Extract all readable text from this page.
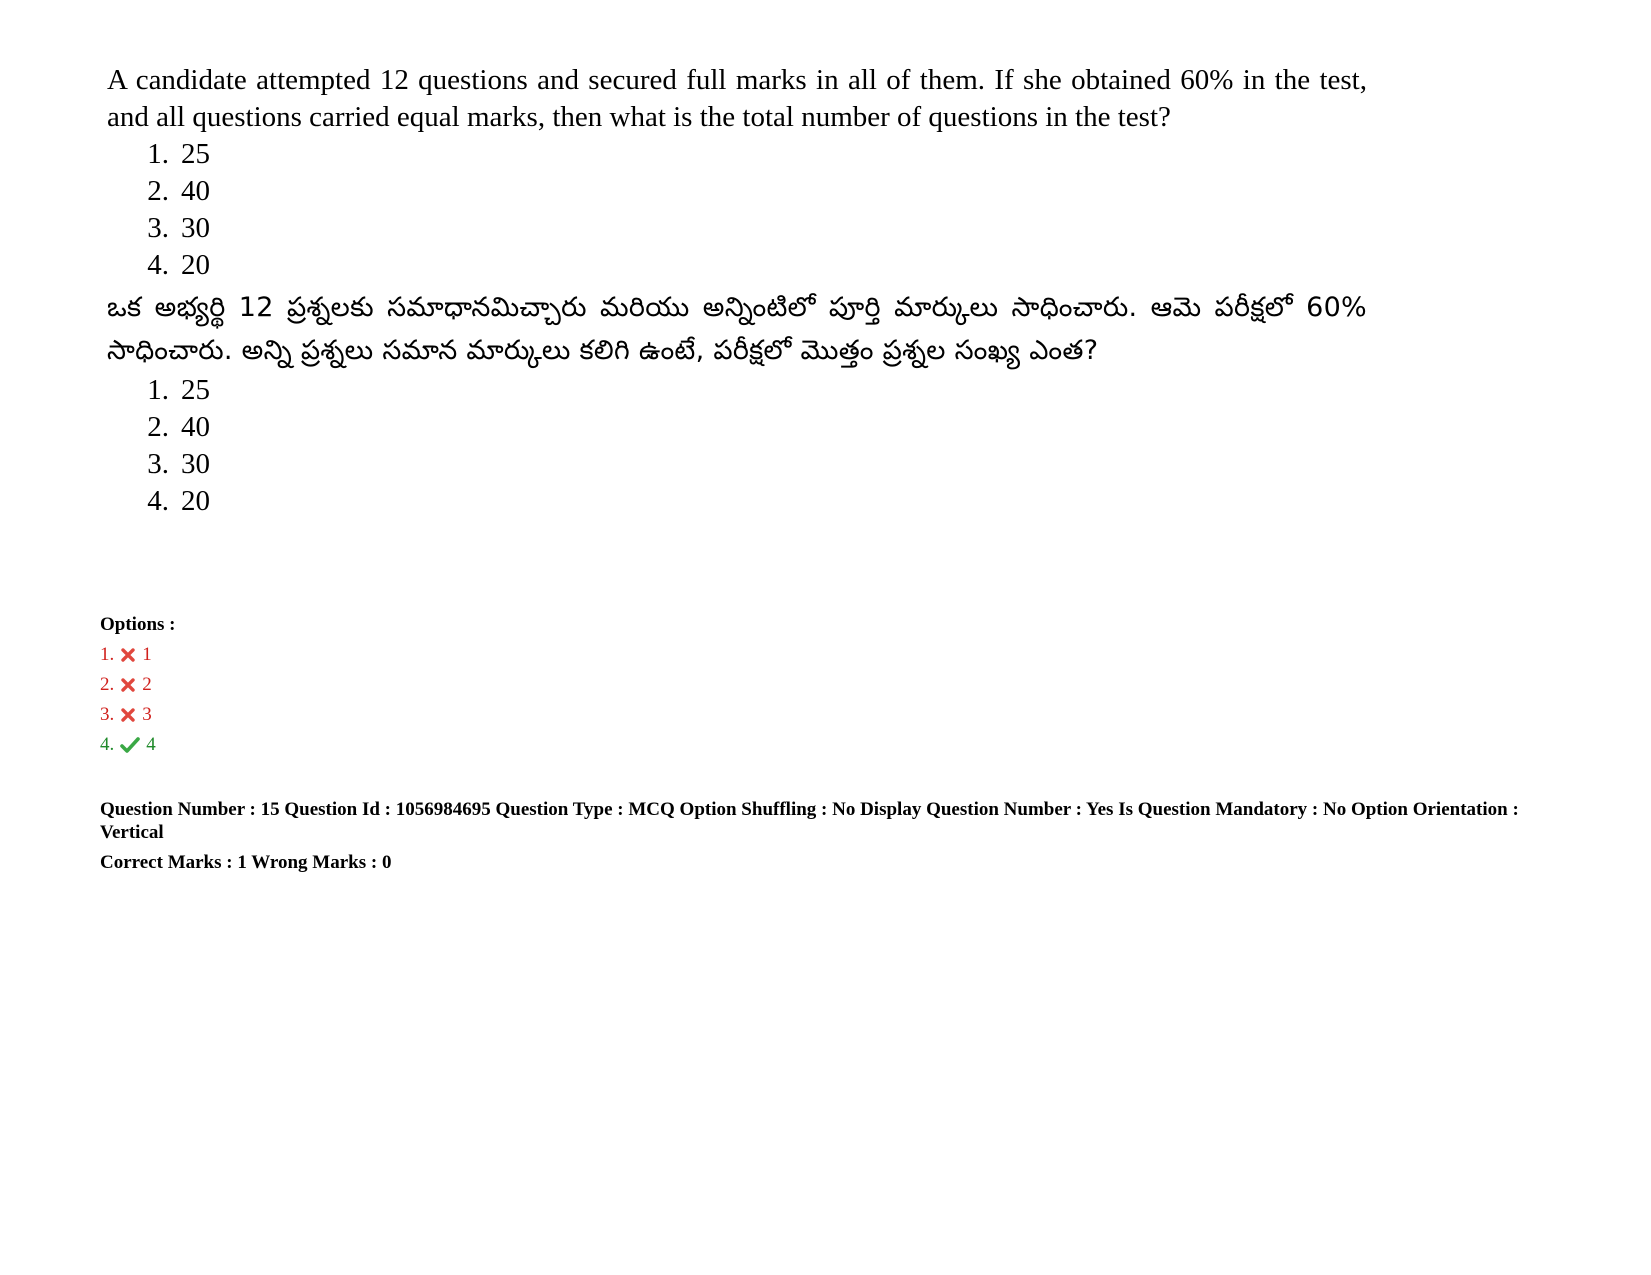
A candidate attempted 12 questions and secured full marks in all of them. If she obtained 60% in the test, and all questions carried equal marks, then what is the total number of questions in the test?

1. 25
2. 40
3. 30
4. 20

ఒక అభ్యర్థి 12 ప్రశ్నలకు సమాధానమిచ్చారు మరియు అన్నింటిలో పూర్తి మార్కులు సాధించారు. ఆమె పరీక్షలో 60% సాధించారు. అన్ని ప్రశ్నలు సమాన మార్కులు కలిగి ఉంటే, పరీక్షలో మొత్తం ప్రశ్నల సంఖ్య ఎంత?

1. 25
2. 40
3. 30
4. 20
Options :
1. 1
2. 2
3. 3
4. 4
Question Number : 15 Question Id : 1056984695 Question Type : MCQ Option Shuffling : No Display Question Number : Yes Is Question Mandatory : No Option Orientation : Vertical
Correct Marks : 1 Wrong Marks : 0
